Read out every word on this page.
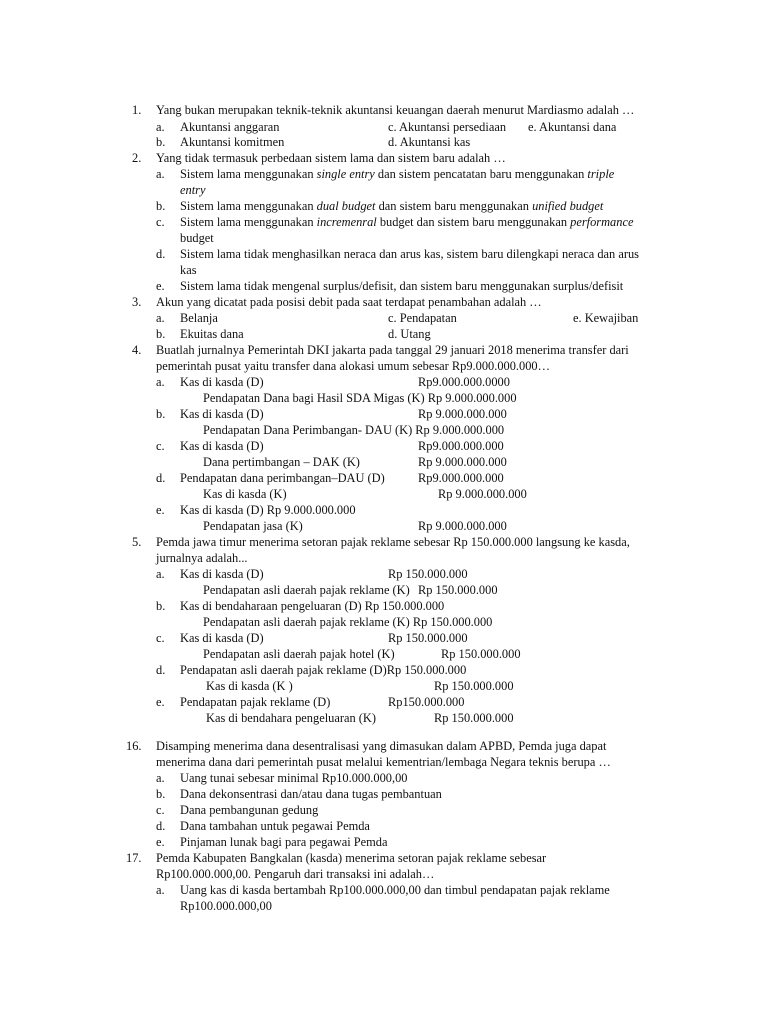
1. Yang bukan merupakan teknik-teknik akuntansi keuangan daerah menurut Mardiasmo adalah …
a. Akuntansi anggaran	c. Akuntansi persediaan e. Akuntansi dana
b. Akuntansi komitmen	d. Akuntansi kas
2. Yang tidak termasuk perbedaan sistem lama dan sistem baru adalah …
a. Sistem lama menggunakan single entry dan sistem pencatatan baru menggunakan triple
entry
b. Sistem lama menggunakan dual budget dan sistem baru menggunakan unified budget
c. Sistem lama menggunakan incremenral budget dan sistem baru menggunakan performance
budget
d. Sistem lama tidak menghasilkan neraca dan arus kas, sistem baru dilengkapi neraca dan arus
kas
e. Sistem lama tidak mengenal surplus/defisit, dan sistem baru menggunakan surplus/defisit
3. Akun yang dicatat pada posisi debit pada saat terdapat penambahan adalah …
a. Belanja	c. Pendapatan	e. Kewajiban
b. Ekuitas dana	d. Utang
4. Buatlah jurnalnya Pemerintah DKI jakarta pada tanggal 29 januari 2018 menerima transfer dari
pemerintah pusat yaitu transfer dana alokasi umum sebesar Rp9.000.000.000…
a. Kas di kasda (D)	Rp9.000.000.0000
Pendapatan Dana bagi Hasil SDA Migas (K) Rp 9.000.000.000
b. Kas di kasda (D)	Rp 9.000.000.000
Pendapatan Dana Perimbangan- DAU (K) Rp 9.000.000.000
c. Kas di kasda (D)	Rp9.000.000.000
Dana pertimbangan – DAK (K)	Rp 9.000.000.000
d. Pendapatan dana perimbangan–DAU (D)	Rp9.000.000.000
Kas di kasda (K)	Rp 9.000.000.000
e. Kas di kasda (D) Rp 9.000.000.000
Pendapatan jasa (K)	Rp 9.000.000.000
5. Pemda jawa timur menerima setoran pajak reklame sebesar Rp 150.000.000 langsung ke kasda,
jurnalnya adalah...
a. Kas di kasda (D)	Rp 150.000.000
Pendapatan asli daerah pajak reklame (K) Rp 150.000.000
b. Kas di bendaharaan pengeluaran (D) Rp 150.000.000
Pendapatan asli daerah pajak reklame (K) Rp 150.000.000
c. Kas di kasda (D)	Rp 150.000.000
Pendapatan asli daerah pajak hotel (K)	Rp 150.000.000
d. Pendapatan asli daerah pajak reklame (D)Rp 150.000.000
Kas di kasda (K )	Rp 150.000.000
e. Pendapatan pajak reklame (D)	Rp150.000.000
Kas di bendahara pengeluaran (K)	Rp 150.000.000
16. Disamping menerima dana desentralisasi yang dimasukan dalam APBD, Pemda juga dapat
menerima dana dari pemerintah pusat melalui kementrian/lembaga Negara teknis berupa …
a. Uang tunai sebesar minimal Rp10.000.000,00
b. Dana dekonsentrasi dan/atau dana tugas pembantuan
c. Dana pembangunan gedung
d. Dana tambahan untuk pegawai Pemda
e. Pinjaman lunak bagi para pegawai Pemda
17. Pemda Kabupaten Bangkalan (kasda) menerima setoran pajak reklame sebesar
Rp100.000.000,00. Pengaruh dari transaksi ini adalah…
a. Uang kas di kasda bertambah Rp100.000.000,00 dan timbul pendapatan pajak reklame
Rp100.000.000,00
